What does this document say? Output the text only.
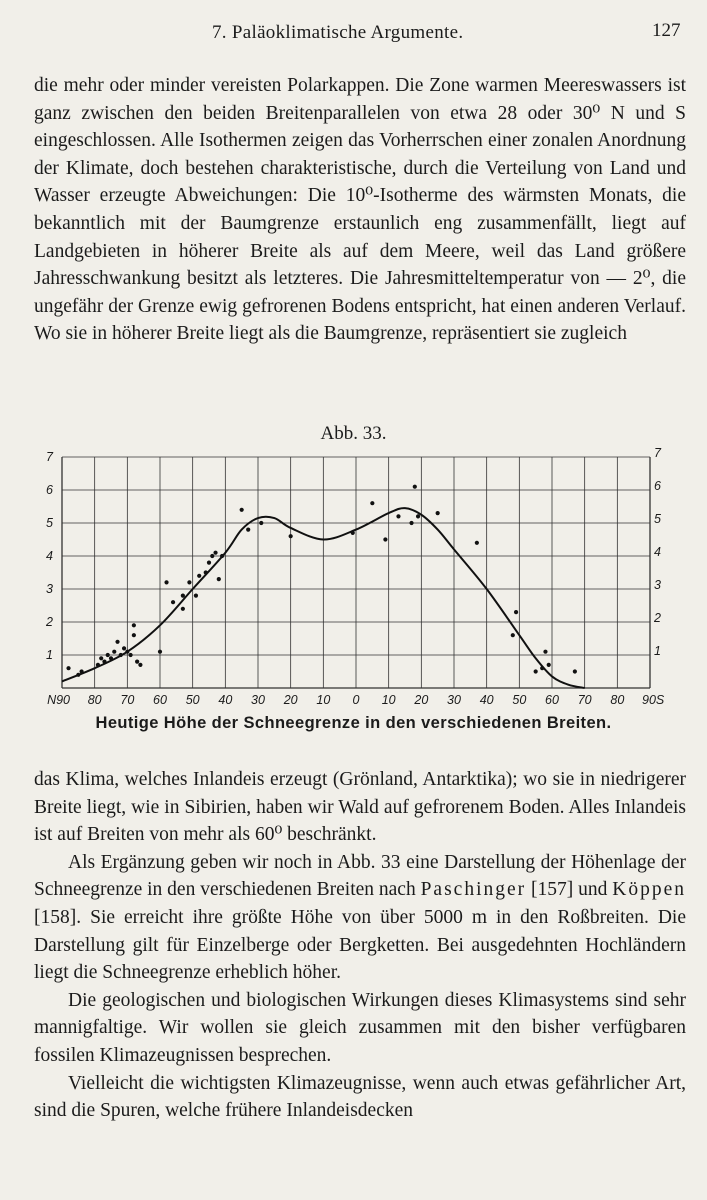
7. Paläoklimatische Argumente.	127

die mehr oder minder vereisten Polarkappen. Die Zone warmen Meereswassers ist ganz zwischen den beiden Breitenparallelen von etwa 28 oder 30⁰ N und S eingeschlossen. Alle Isothermen zeigen das Vorherrschen einer zonalen Anordnung der Klimate, doch bestehen charakteristische, durch die Verteilung von Land und Wasser erzeugte Abweichungen: Die 10⁰-Isotherme des wärmsten Monats, die bekanntlich mit der Baumgrenze erstaunlich eng zusammenfällt, liegt auf Landgebieten in höherer Breite als auf dem Meere, weil das Land größere Jahresschwankung besitzt als letzteres. Die Jahresmitteltemperatur von — 2⁰, die ungefähr der Grenze ewig gefrorenen Bodens entspricht, hat einen anderen Verlauf. Wo sie in höherer Breite liegt als die Baumgrenze, repräsentiert sie zugleich

Abb. 33.
1	1
2	2
3	3
4	4
5	5
6	6
7	7
N90 80 70 60 50 40 30 20 10 0 10 20 30 40 50 60 70 80 90S
Heutige Höhe der Schneegrenze in den verschiedenen Breiten.

das Klima, welches Inlandeis erzeugt (Grönland, Antarktika); wo sie in niedrigerer Breite liegt, wie in Sibirien, haben wir Wald auf gefrorenem Boden. Alles Inlandeis ist auf Breiten von mehr als 60⁰ beschränkt.

Als Ergänzung geben wir noch in Abb. 33 eine Darstellung der Höhenlage der Schneegrenze in den verschiedenen Breiten nach Paschinger [157] und Köppen [158]. Sie erreicht ihre größte Höhe von über 5000 m in den Roßbreiten. Die Darstellung gilt für Einzelberge oder Bergketten. Bei ausgedehnten Hochländern liegt die Schneegrenze erheblich höher.

Die geologischen und biologischen Wirkungen dieses Klimasystems sind sehr mannigfaltige. Wir wollen sie gleich zusammen mit den bisher verfügbaren fossilen Klimazeugnissen besprechen.

Vielleicht die wichtigsten Klimazeugnisse, wenn auch etwas gefährlicher Art, sind die Spuren, welche frühere Inlandeisdecken
